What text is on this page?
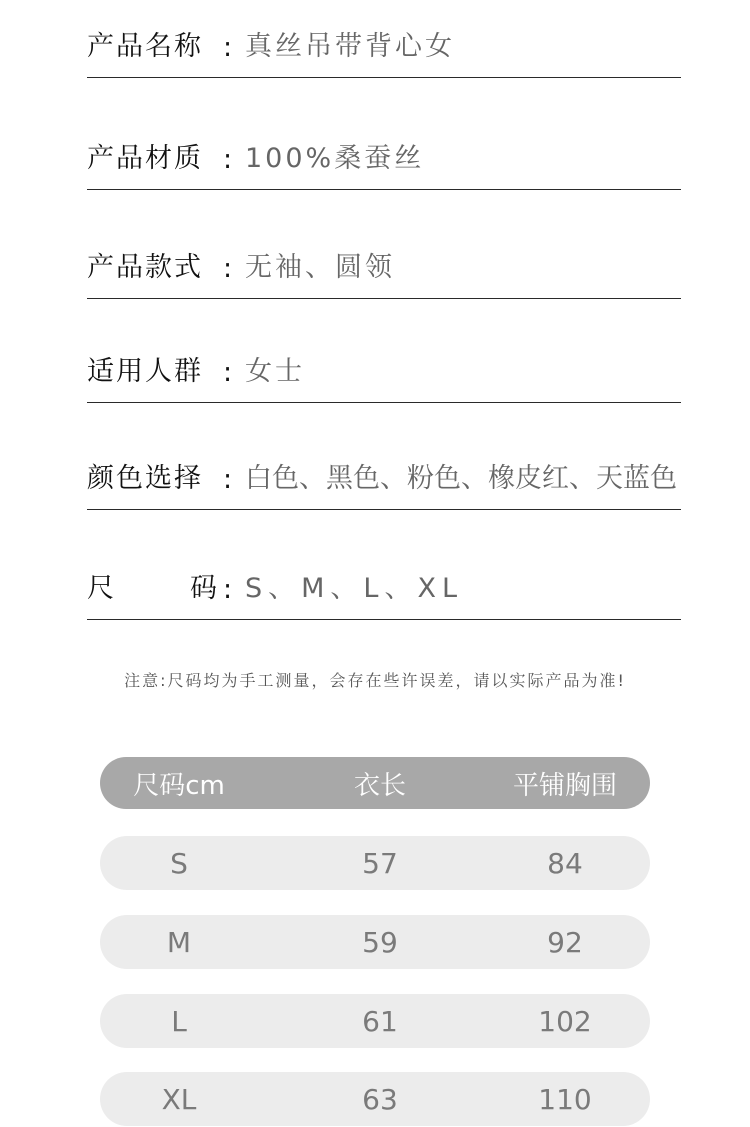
产品名称 : 真丝吊带背心女
产品材质 : 100%桑蚕丝
产品款式 : 无袖、圆领
适用人群 : 女士
颜色选择 : 白色、黑色、粉色、橡皮红、天蓝色
尺	码 : S、M、L、XL
注意:尺码均为手工测量，会存在些许误差，请以实际产品为准!
尺码cm	衣长	平铺胸围
S	57	84
M	59	92
L	61	102
XL	63	110
